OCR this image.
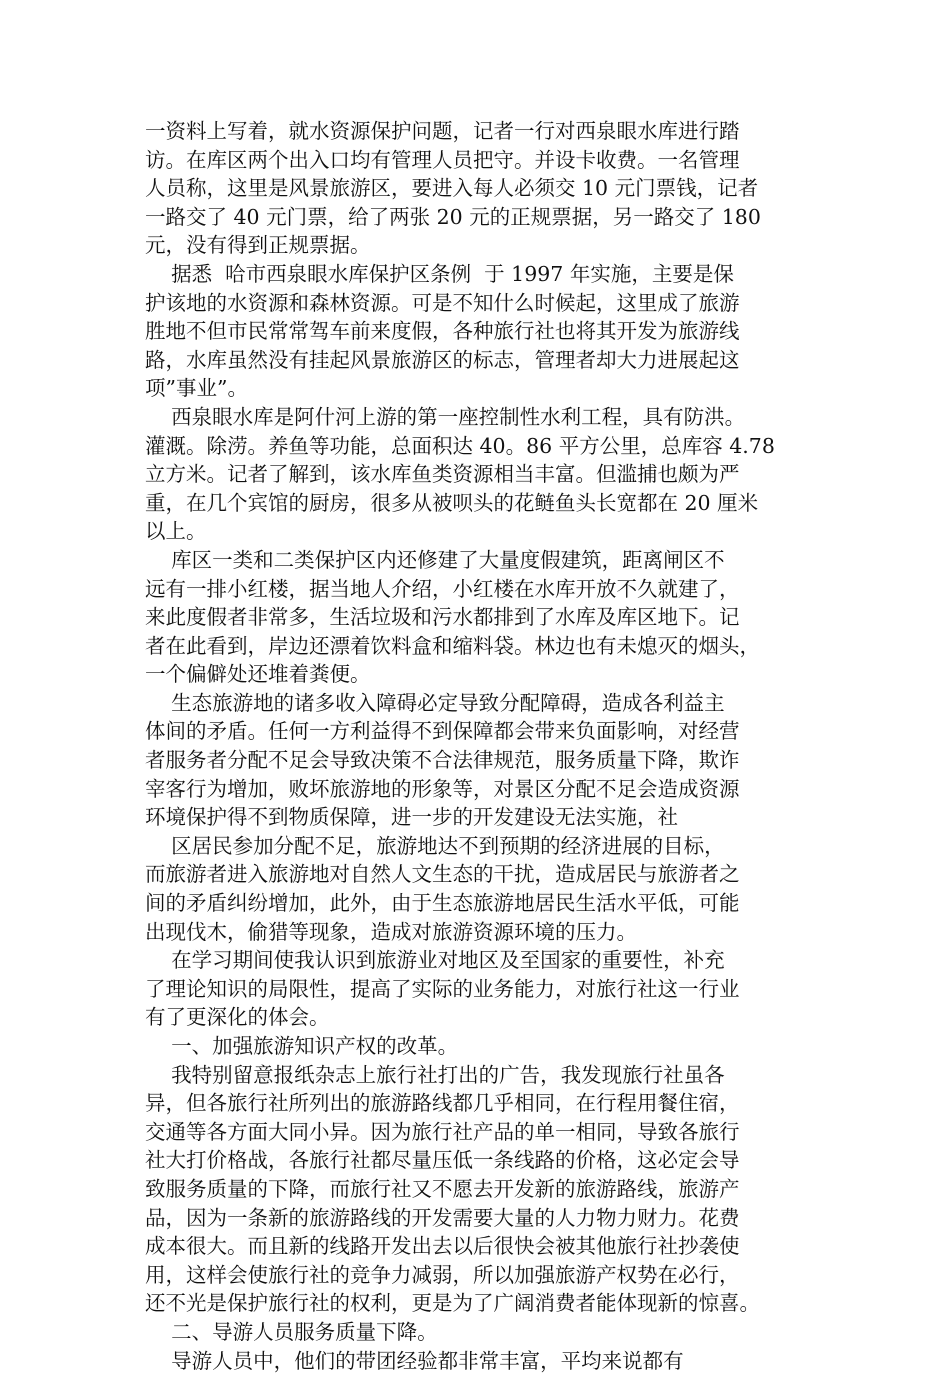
一资料上写着，就水资源保护问题，记者一行对西泉眼水库进行踏
访。在库区两个出入口均有管理人员把守。并设卡收费。一名管理
人员称，这里是风景旅游区，要进入每人必须交 10 元门票钱，记者
一路交了 40 元门票，给了两张 20 元的正规票据，另一路交了 180
元，没有得到正规票据。
据悉  哈市西泉眼水库保护区条例  于 1997 年实施，主要是保
护该地的水资源和森林资源。可是不知什么时候起，这里成了旅游
胜地不但市民常常驾车前来度假，各种旅行社也将其开发为旅游线
路，水库虽然没有挂起风景旅游区的标志，管理者却大力进展起这
项”事业”。
西泉眼水库是阿什河上游的第一座控制性水利工程，具有防洪。
灌溉。除涝。养鱼等功能，总面积达 40。86 平方公里，总库容 4.78
立方米。记者了解到，该水库鱼类资源相当丰富。但滥捕也颇为严
重，在几个宾馆的厨房，很多从被呗头的花鲢鱼头长宽都在 20 厘米
以上。
库区一类和二类保护区内还修建了大量度假建筑，距离闸区不
远有一排小红楼，据当地人介绍，小红楼在水库开放不久就建了，
来此度假者非常多，生活垃圾和污水都排到了水库及库区地下。记
者在此看到，岸边还漂着饮料盒和缩料袋。林边也有未熄灭的烟头，
一个偏僻处还堆着粪便。
生态旅游地的诸多收入障碍必定导致分配障碍，造成各利益主
体间的矛盾。任何一方利益得不到保障都会带来负面影响，对经营
者服务者分配不足会导致决策不合法律规范，服务质量下降，欺诈
宰客行为增加，败坏旅游地的形象等，对景区分配不足会造成资源
环境保护得不到物质保障，进一步的开发建设无法实施，社
区居民参加分配不足，旅游地达不到预期的经济进展的目标，
而旅游者进入旅游地对自然人文生态的干扰，造成居民与旅游者之
间的矛盾纠纷增加，此外，由于生态旅游地居民生活水平低，可能
出现伐木，偷猎等现象，造成对旅游资源环境的压力。
在学习期间使我认识到旅游业对地区及至国家的重要性，补充
了理论知识的局限性，提高了实际的业务能力，对旅行社这一行业
有了更深化的体会。
一、加强旅游知识产权的改革。
我特别留意报纸杂志上旅行社打出的广告，我发现旅行社虽各
异，但各旅行社所列出的旅游路线都几乎相同，在行程用餐住宿，
交通等各方面大同小异。因为旅行社产品的单一相同，导致各旅行
社大打价格战，各旅行社都尽量压低一条线路的价格，这必定会导
致服务质量的下降，而旅行社又不愿去开发新的旅游路线，旅游产
品，因为一条新的旅游路线的开发需要大量的人力物力财力。花费
成本很大。而且新的线路开发出去以后很快会被其他旅行社抄袭使
用，这样会使旅行社的竞争力减弱，所以加强旅游产权势在必行，
还不光是保护旅行社的权利，更是为了广阔消费者能体现新的惊喜。
二、导游人员服务质量下降。
导游人员中，他们的带团经验都非常丰富，平均来说都有
